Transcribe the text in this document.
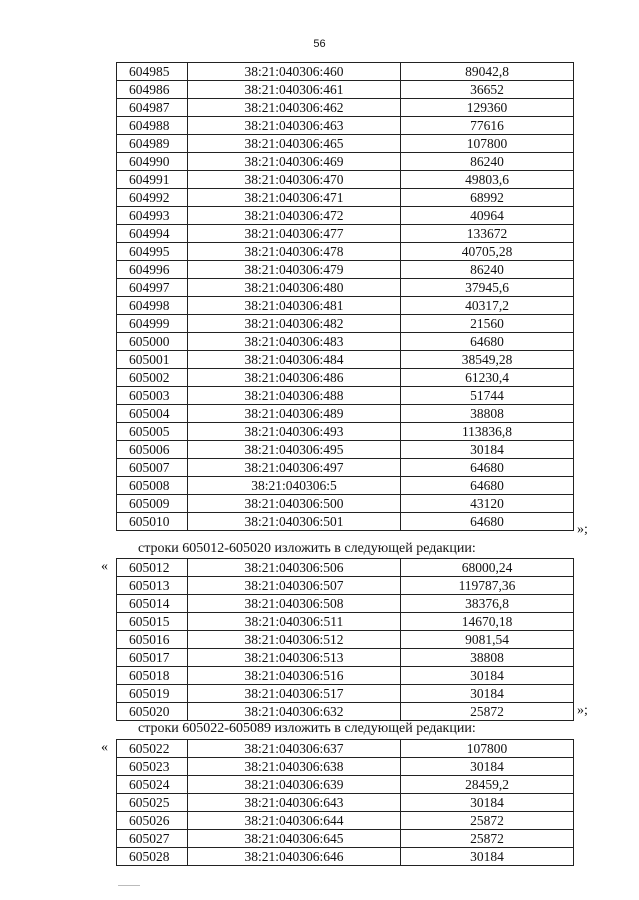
56
604985	38:21:040306:460	89042,8
604986	38:21:040306:461	36652
604987	38:21:040306:462	129360
604988	38:21:040306:463	77616
604989	38:21:040306:465	107800
604990	38:21:040306:469	86240
604991	38:21:040306:470	49803,6
604992	38:21:040306:471	68992
604993	38:21:040306:472	40964
604994	38:21:040306:477	133672
604995	38:21:040306:478	40705,28
604996	38:21:040306:479	86240
604997	38:21:040306:480	37945,6
604998	38:21:040306:481	40317,2
604999	38:21:040306:482	21560
605000	38:21:040306:483	64680
605001	38:21:040306:484	38549,28
605002	38:21:040306:486	61230,4
605003	38:21:040306:488	51744
605004	38:21:040306:489	38808
605005	38:21:040306:493	113836,8
605006	38:21:040306:495	30184
605007	38:21:040306:497	64680
605008	38:21:040306:5	64680
605009	38:21:040306:500	43120
605010	38:21:040306:501	64680
»;
строки 605012-605020 изложить в следующей редакции:
« 605012	38:21:040306:506	68000,24
605013	38:21:040306:507	119787,36
605014	38:21:040306:508	38376,8
605015	38:21:040306:511	14670,18
605016	38:21:040306:512	9081,54
605017	38:21:040306:513	38808
605018	38:21:040306:516	30184
605019	38:21:040306:517	30184
605020	38:21:040306:632	25872	»;
строки 605022-605089 изложить в следующей редакции:
« 605022	38:21:040306:637	107800
605023	38:21:040306:638	30184
605024	38:21:040306:639	28459,2
605025	38:21:040306:643	30184
605026	38:21:040306:644	25872
605027	38:21:040306:645	25872
605028	38:21:040306:646	30184
